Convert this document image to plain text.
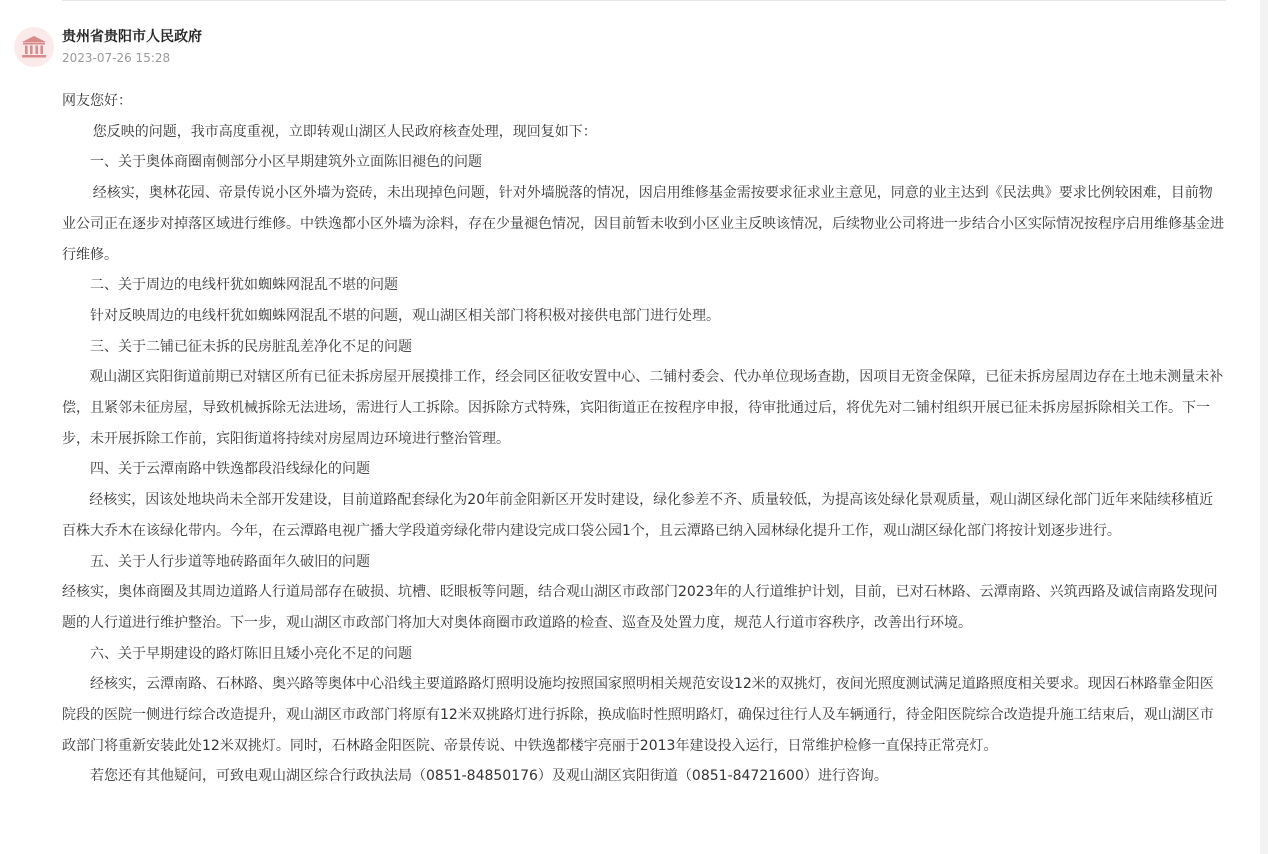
贵州省贵阳市人民政府
2023-07-26 15:28

网友您好：

您反映的问题，我市高度重视，立即转观山湖区人民政府核查处理，现回复如下：

一、关于奥体商圈南侧部分小区早期建筑外立面陈旧褪色的问题

经核实，奥林花园、帝景传说小区外墙为瓷砖，未出现掉色问题，针对外墙脱落的情况，因启用维修基金需按要求征求业主意见，同意的业主达到《民法典》要求比例较困难，目前物业公司正在逐步对掉落区域进行维修。中铁逸都小区外墙为涂料，存在少量褪色情况，因目前暂未收到小区业主反映该情况，后续物业公司将进一步结合小区实际情况按程序启用维修基金进行维修。

二、关于周边的电线杆犹如蜘蛛网混乱不堪的问题

针对反映周边的电线杆犹如蜘蛛网混乱不堪的问题，观山湖区相关部门将积极对接供电部门进行处理。

三、关于二铺已征未拆的民房脏乱差净化不足的问题

观山湖区宾阳街道前期已对辖区所有已征未拆房屋开展摸排工作，经会同区征收安置中心、二铺村委会、代办单位现场查勘，因项目无资金保障，已征未拆房屋周边存在土地未测量未补偿，且紧邻未征房屋，导致机械拆除无法进场，需进行人工拆除。因拆除方式特殊，宾阳街道正在按程序申报，待审批通过后，将优先对二铺村组织开展已征未拆房屋拆除相关工作。下一步，未开展拆除工作前，宾阳街道将持续对房屋周边环境进行整治管理。

四、关于云潭南路中铁逸都段沿线绿化的问题

经核实，因该处地块尚未全部开发建设，目前道路配套绿化为20年前金阳新区开发时建设，绿化参差不齐、质量较低，为提高该处绿化景观质量，观山湖区绿化部门近年来陆续移植近百株大乔木在该绿化带内。今年，在云潭路电视广播大学段道旁绿化带内建设完成口袋公园1个，且云潭路已纳入园林绿化提升工作，观山湖区绿化部门将按计划逐步进行。

五、关于人行步道等地砖路面年久破旧的问题

经核实，奥体商圈及其周边道路人行道局部存在破损、坑槽、眨眼板等问题，结合观山湖区市政部门2023年的人行道维护计划，目前，已对石林路、云潭南路、兴筑西路及诚信南路发现问题的人行道进行维护整治。下一步，观山湖区市政部门将加大对奥体商圈市政道路的检查、巡查及处置力度，规范人行道市容秩序，改善出行环境。

六、关于早期建设的路灯陈旧且矮小亮化不足的问题

经核实，云潭南路、石林路、奥兴路等奥体中心沿线主要道路路灯照明设施均按照国家照明相关规范安设12米的双挑灯，夜间光照度测试满足道路照度相关要求。现因石林路靠金阳医院段的医院一侧进行综合改造提升，观山湖区市政部门将原有12米双挑路灯进行拆除，换成临时性照明路灯，确保过往行人及车辆通行，待金阳医院综合改造提升施工结束后，观山湖区市政部门将重新安装此处12米双挑灯。同时，石林路金阳医院、帝景传说、中铁逸都楼宇亮丽于2013年建设投入运行，日常维护检修一直保持正常亮灯。

若您还有其他疑问，可致电观山湖区综合行政执法局（0851-84850176）及观山湖区宾阳街道（0851-84721600）进行咨询。
